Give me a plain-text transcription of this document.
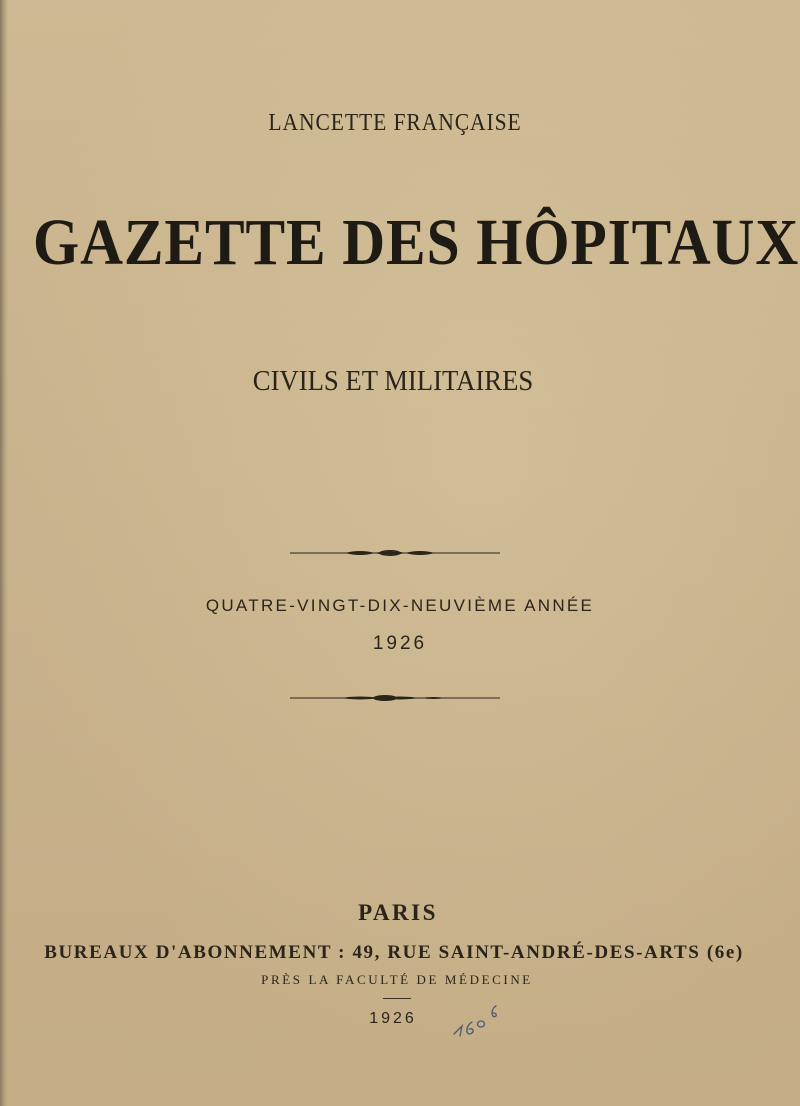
LANCETTE FRANÇAISE

GAZETTE DES HÔPITAUX

CIVILS ET MILITAIRES

QUATRE-VINGT-DIX-NEUVIÈME ANNÉE

1926

PARIS

BUREAUX D'ABONNEMENT : 49, RUE SAINT-ANDRÉ-DES-ARTS (6e)

PRÈS LA FACULTÉ DE MÉDECINE

1926
